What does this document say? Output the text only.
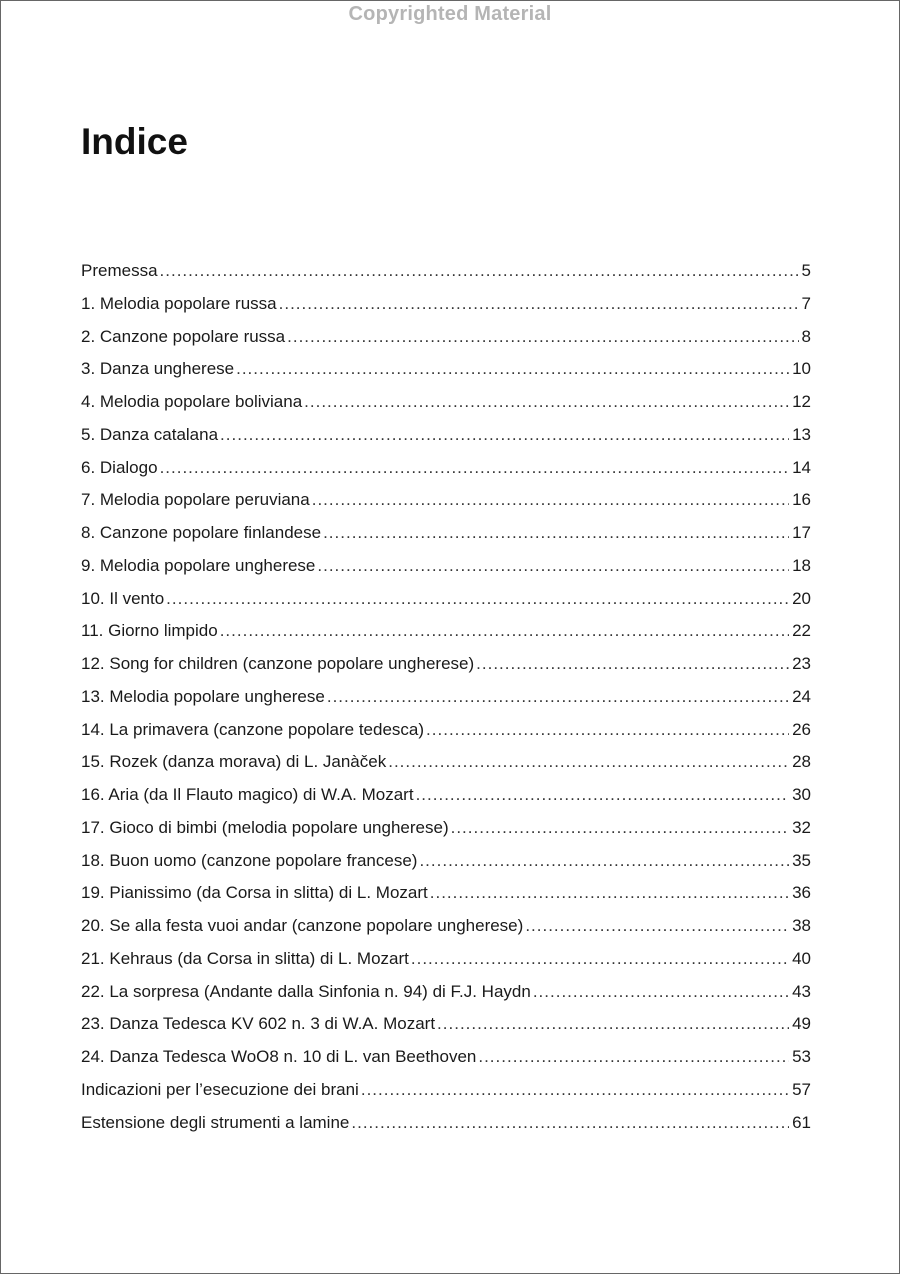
Copyrighted Material
Indice
Premessa .....	5
1. Melodia popolare russa .....	7
2. Canzone popolare russa .....	8
3. Danza ungherese .....	10
4. Melodia popolare boliviana .....	12
5. Danza catalana .....	13
6. Dialogo .....	14
7. Melodia popolare peruviana .....	16
8. Canzone popolare finlandese .....	17
9. Melodia popolare ungherese .....	18
10. Il vento .....	20
11. Giorno limpido .....	22
12. Song for children (canzone popolare ungherese) .....	23
13. Melodia popolare ungherese .....	24
14. La primavera (canzone popolare tedesca) .....	26
15. Rozek (danza morava) di L. Janàček .....	28
16. Aria (da Il Flauto magico) di W.A. Mozart .....	30
17. Gioco di bimbi (melodia popolare ungherese) .....	32
18. Buon uomo (canzone popolare francese) .....	35
19. Pianissimo (da Corsa in slitta) di L. Mozart .....	36
20. Se alla festa vuoi andar (canzone popolare ungherese) .....	38
21. Kehraus (da Corsa in slitta) di L. Mozart .....	40
22. La sorpresa (Andante dalla Sinfonia n. 94) di F.J. Haydn .....	43
23. Danza Tedesca KV 602 n. 3 di W.A. Mozart .....	49
24. Danza Tedesca WoO8 n. 10 di L. van Beethoven .....	53
Indicazioni per l’esecuzione dei brani .....	57
Estensione degli strumenti a lamine .....	61
